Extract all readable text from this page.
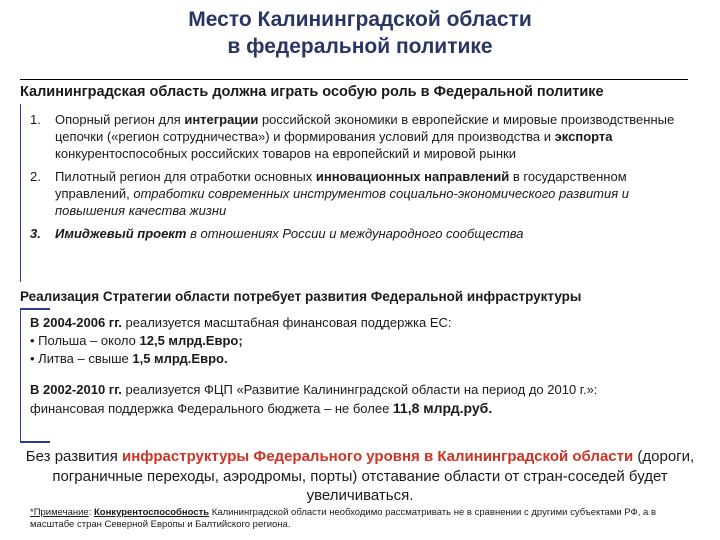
Место Калининградской области
в федеральной политике
Калининградская область должна играть особую роль в Федеральной политике
1.	Опорный регион для интеграции российской экономики в европейские и мировые производственные цепочки («регион сотрудничества») и формирования условий для производства и экспорта конкурентоспособных российских товаров на европейский и мировой рынки
2.	Пилотный регион для отработки основных инновационных направлений в государственном управлений, отработки современных инструментов социально-экономического развития и повышения качества жизни
3.	Имиджевый проект в отношениях России и международного сообщества
Реализация Стратегии области потребует развития Федеральной инфраструктуры
В 2004-2006 гг. реализуется масштабная финансовая поддержка ЕС:
• Польша – около 12,5 млрд.Евро;
• Литва – свыше 1,5 млрд.Евро.
В 2002-2010 гг. реализуется ФЦП «Развитие Калининградской области на период до 2010 г.»:
финансовая поддержка Федерального бюджета – не более 11,8 млрд.руб.
Без развития инфраструктуры Федерального уровня в Калининградской области (дороги, пограничные переходы, аэродромы, порты) отставание области от стран-соседей будет увеличиваться.
*Примечание: Конкурентоспособность Калининградской области необходимо рассматривать не в сравнении с другими субъектами РФ, а в масштабе стран Северной Европы и Балтийского региона.
